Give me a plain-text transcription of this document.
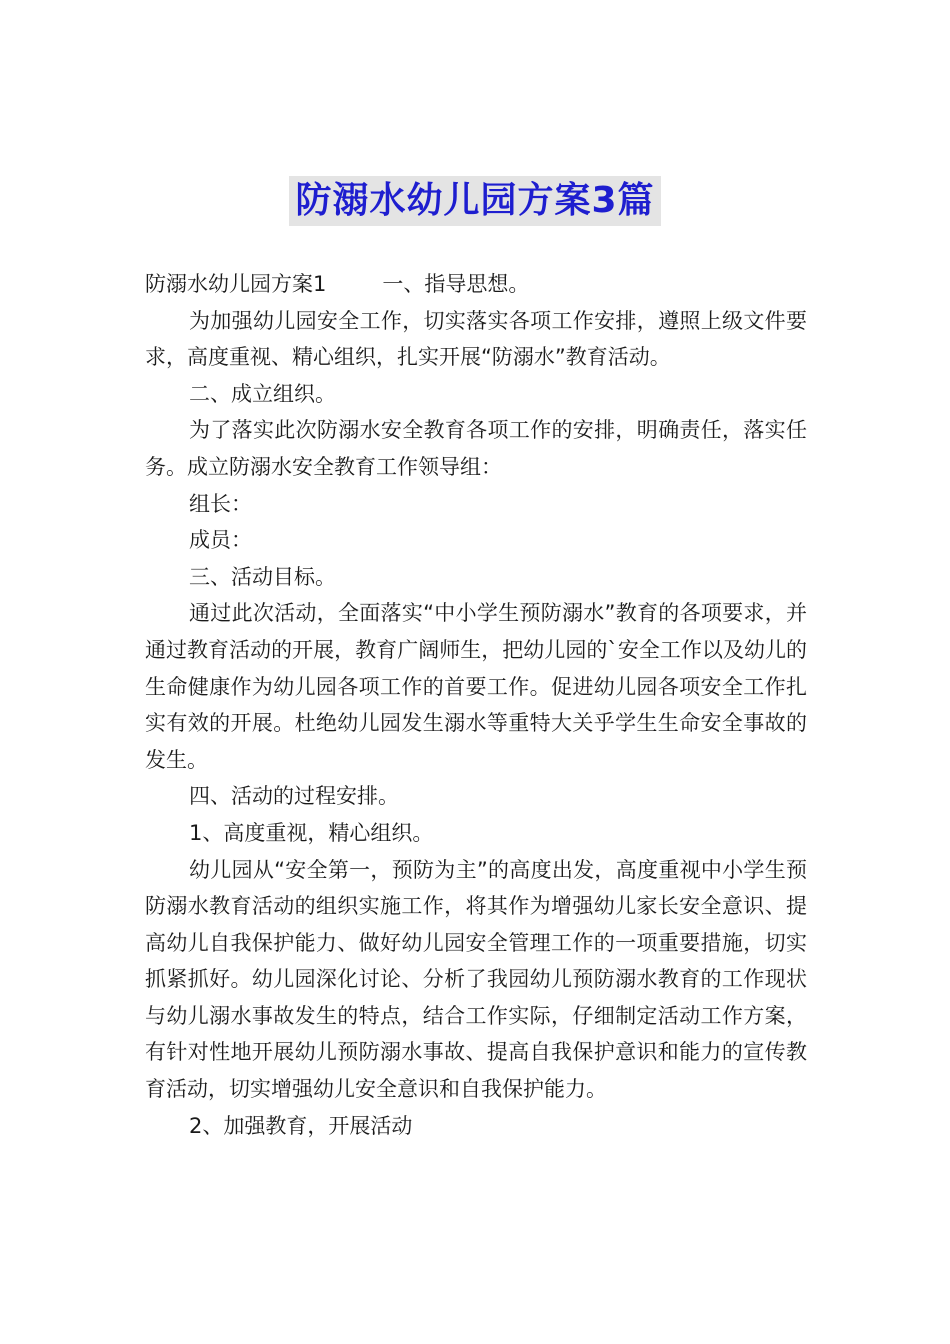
防溺水幼儿园方案3篇

防溺水幼儿园方案1	一、指导思想。

为加强幼儿园安全工作，切实落实各项工作安排，遵照上级文件要求，高度重视、精心组织，扎实开展“防溺水”教育活动。

二、成立组织。

为了落实此次防溺水安全教育各项工作的安排，明确责任，落实任务。成立防溺水安全教育工作领导组：

组长：

成员：

三、活动目标。

通过此次活动，全面落实“中小学生预防溺水”教育的各项要求，并通过教育活动的开展，教育广阔师生，把幼儿园的`安全工作以及幼儿的生命健康作为幼儿园各项工作的首要工作。促进幼儿园各项安全工作扎实有效的开展。杜绝幼儿园发生溺水等重特大关乎学生生命安全事故的发生。

四、活动的过程安排。

1、高度重视，精心组织。

幼儿园从“安全第一，预防为主”的高度出发，高度重视中小学生预防溺水教育活动的组织实施工作，将其作为增强幼儿家长安全意识、提高幼儿自我保护能力、做好幼儿园安全管理工作的一项重要措施，切实抓紧抓好。幼儿园深化讨论、分析了我园幼儿预防溺水教育的工作现状与幼儿溺水事故发生的特点，结合工作实际，仔细制定活动工作方案，有针对性地开展幼儿预防溺水事故、提高自我保护意识和能力的宣传教育活动，切实增强幼儿安全意识和自我保护能力。

2、加强教育，开展活动
